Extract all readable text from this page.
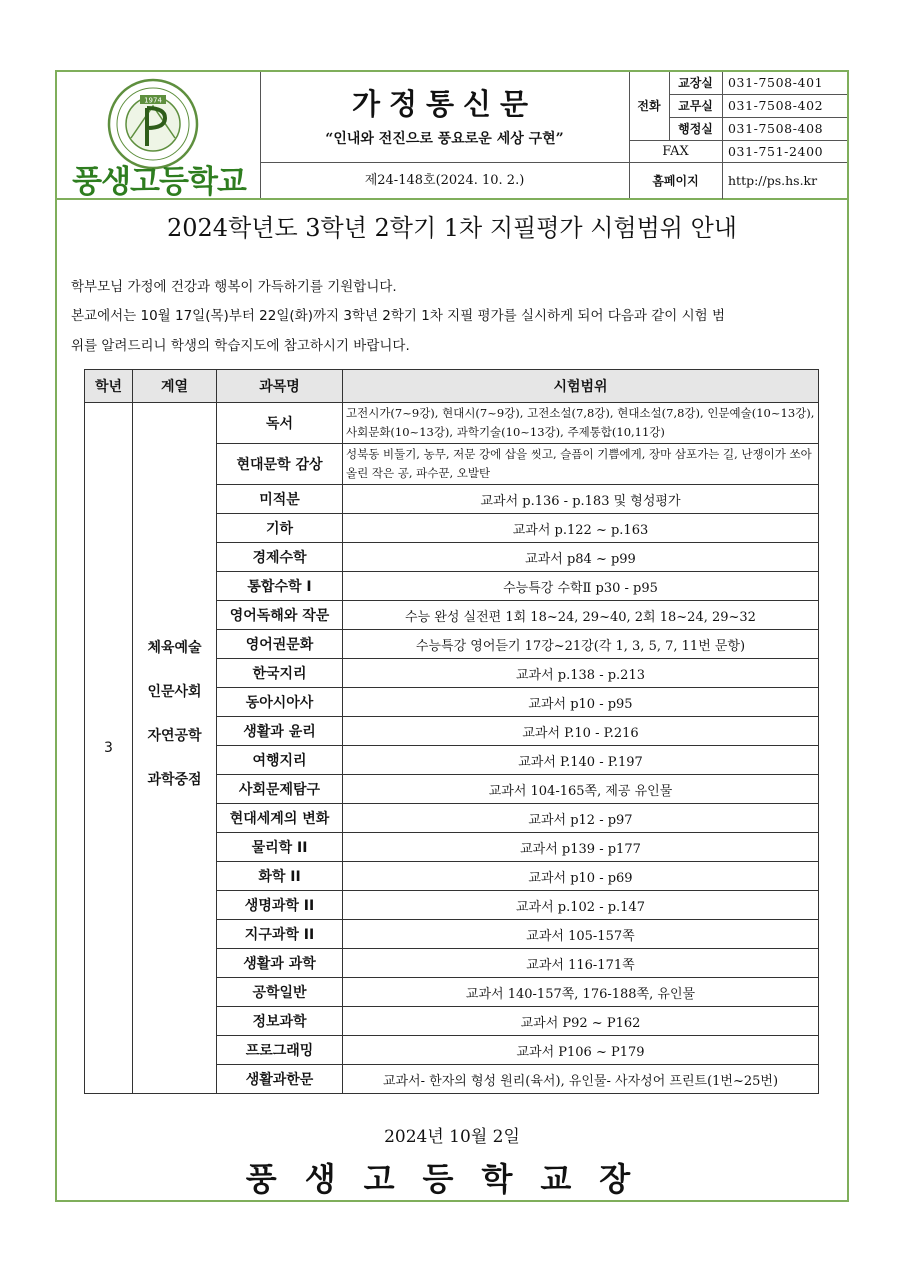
1974
풍생고등학교
가정통신문
“인내와 전진으로 풍요로운 세상 구현”
제24-148호(2024. 10. 2.)
전화
교장실	031-7508-401
교무실	031-7508-402
행정실	031-7508-408
FAX	031-751-2400
홈페이지	http://ps.hs.kr
2024학년도 3학년 2학기 1차 지필평가 시험범위 안내
학부모님 가정에 건강과 행복이 가득하기를 기원합니다.
본교에서는 10월 17일(목)부터 22일(화)까지 3학년 2학기 1차 지필 평가를 실시하게 되어 다음과 같이 시험 범
위를 알려드리니 학생의 학습지도에 참고하시기 바랍니다.
학년	계열	과목명	시험범위
3	체육예술
인문사회
자연공학
과학중점	독서	고전시가(7~9강), 현대시(7~9강), 고전소설(7,8강), 현대소설(7,8강), 인문예술(10~13강), 사회문화(10~13강), 과학기술(10~13강), 주제통합(10,11강)
		현대문학 감상	성북동 비둘기, 농무, 저문 강에 삽을 씻고, 슬픔이 기쁨에게, 장마 삼포가는 길, 난쟁이가 쏘아 올린 작은 공, 파수꾼, 오발탄
		미적분	교과서 p.136 - p.183 및 형성평가
		기하	교과서 p.122 ~ p.163
		경제수학	교과서 p84 ~ p99
		통합수학 Ⅰ	수능특강 수학Ⅱ p30 - p95
		영어독해와 작문	수능 완성 실전편 1회 18~24, 29~40, 2회 18~24, 29~32
		영어권문화	수능특강 영어듣기 17강~21강(각 1, 3, 5, 7, 11번 문항)
		한국지리	교과서 p.138 - p.213
		동아시아사	교과서 p10 - p95
		생활과 윤리	교과서 P.10 - P.216
		여행지리	교과서 P.140 - P.197
		사회문제탐구	교과서 104-165쪽, 제공 유인물
		현대세계의 변화	교과서 p12 - p97
		물리학 II	교과서 p139 - p177
		화학 II	교과서 p10 - p69
		생명과학 II	교과서 p.102 - p.147
		지구과학 II	교과서 105-157쪽
		생활과 과학	교과서 116-171쪽
		공학일반	교과서 140-157쪽, 176-188쪽, 유인물
		정보과학	교과서 P92 ~ P162
		프로그래밍	교과서 P106 ~ P179
		생활과한문	교과서- 한자의 형성 원리(육서), 유인물- 사자성어 프린트(1번~25번)
2024년 10월 2일
풍생고등학교장
